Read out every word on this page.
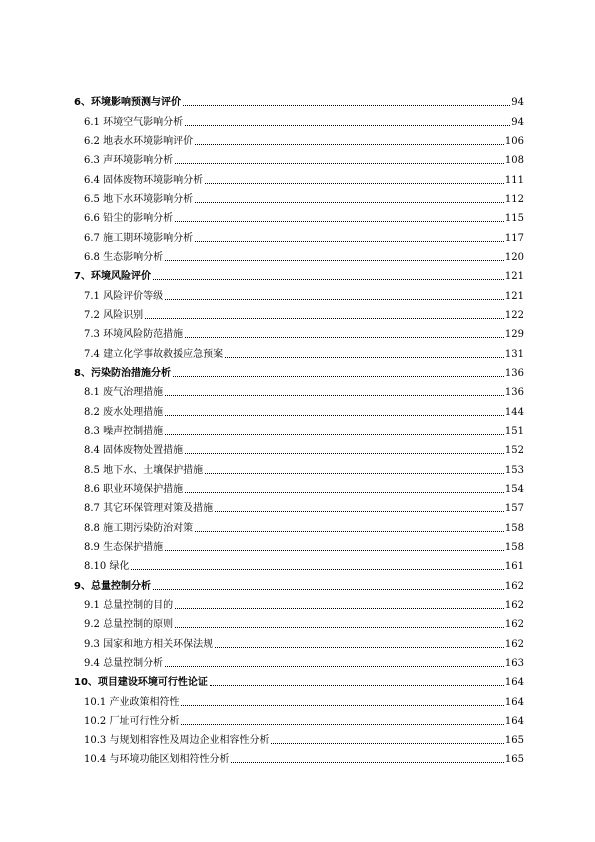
6、环境影响预测与评价	94
6.1 环境空气影响分析	94
6.2 地表水环境影响评价	106
6.3 声环境影响分析	108
6.4 固体废物环境影响分析	111
6.5 地下水环境影响分析	112
6.6 铅尘的影响分析	115
6.7 施工期环境影响分析	117
6.8 生态影响分析	120
7、环境风险评价	121
7.1 风险评价等级	121
7.2 风险识别	122
7.3 环境风险防范措施	129
7.4 建立化学事故救援应急预案	131
8、污染防治措施分析	136
8.1 废气治理措施	136
8.2 废水处理措施	144
8.3 噪声控制措施	151
8.4 固体废物处置措施	152
8.5 地下水、土壤保护措施	153
8.6 职业环境保护措施	154
8.7 其它环保管理对策及措施	157
8.8 施工期污染防治对策	158
8.9 生态保护措施	158
8.10 绿化	161
9、总量控制分析	162
9.1 总量控制的目的	162
9.2 总量控制的原则	162
9.3 国家和地方相关环保法规	162
9.4 总量控制分析	163
10、项目建设环境可行性论证	164
10.1 产业政策相符性	164
10.2 厂址可行性分析	164
10.3 与规划相容性及周边企业相容性分析	165
10.4 与环境功能区划相符性分析	165
